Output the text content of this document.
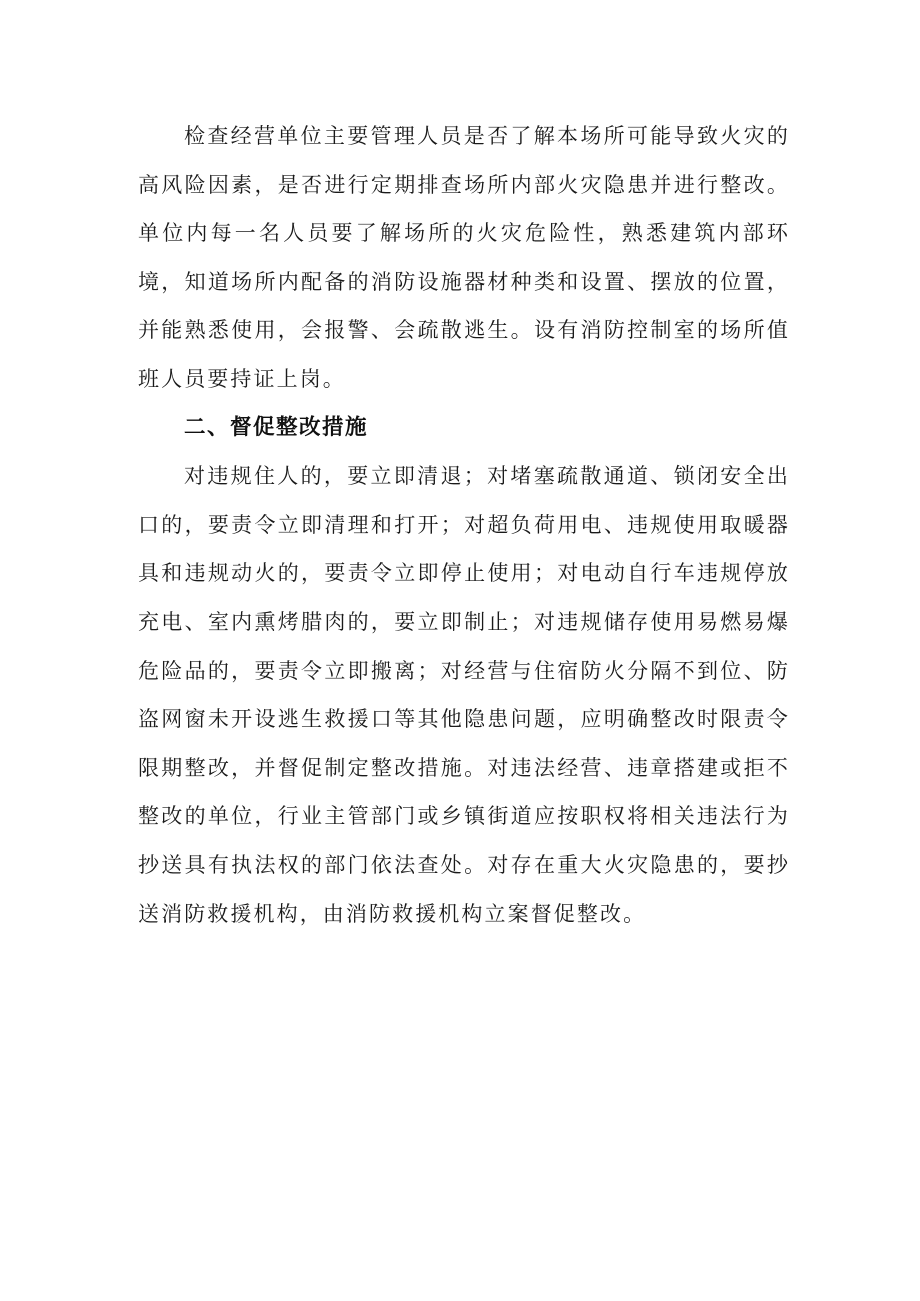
检查经营单位主要管理人员是否了解本场所可能导致火灾的高风险因素，是否进行定期排查场所内部火灾隐患并进行整改。单位内每一名人员要了解场所的火灾危险性，熟悉建筑内部环境，知道场所内配备的消防设施器材种类和设置、摆放的位置，并能熟悉使用，会报警、会疏散逃生。设有消防控制室的场所值班人员要持证上岗。

二、督促整改措施

对违规住人的，要立即清退；对堵塞疏散通道、锁闭安全出口的，要责令立即清理和打开；对超负荷用电、违规使用取暖器具和违规动火的，要责令立即停止使用；对电动自行车违规停放充电、室内熏烤腊肉的，要立即制止；对违规储存使用易燃易爆危险品的，要责令立即搬离；对经营与住宿防火分隔不到位、防盗网窗未开设逃生救援口等其他隐患问题，应明确整改时限责令限期整改，并督促制定整改措施。对违法经营、违章搭建或拒不整改的单位，行业主管部门或乡镇街道应按职权将相关违法行为抄送具有执法权的部门依法查处。对存在重大火灾隐患的，要抄送消防救援机构，由消防救援机构立案督促整改。
